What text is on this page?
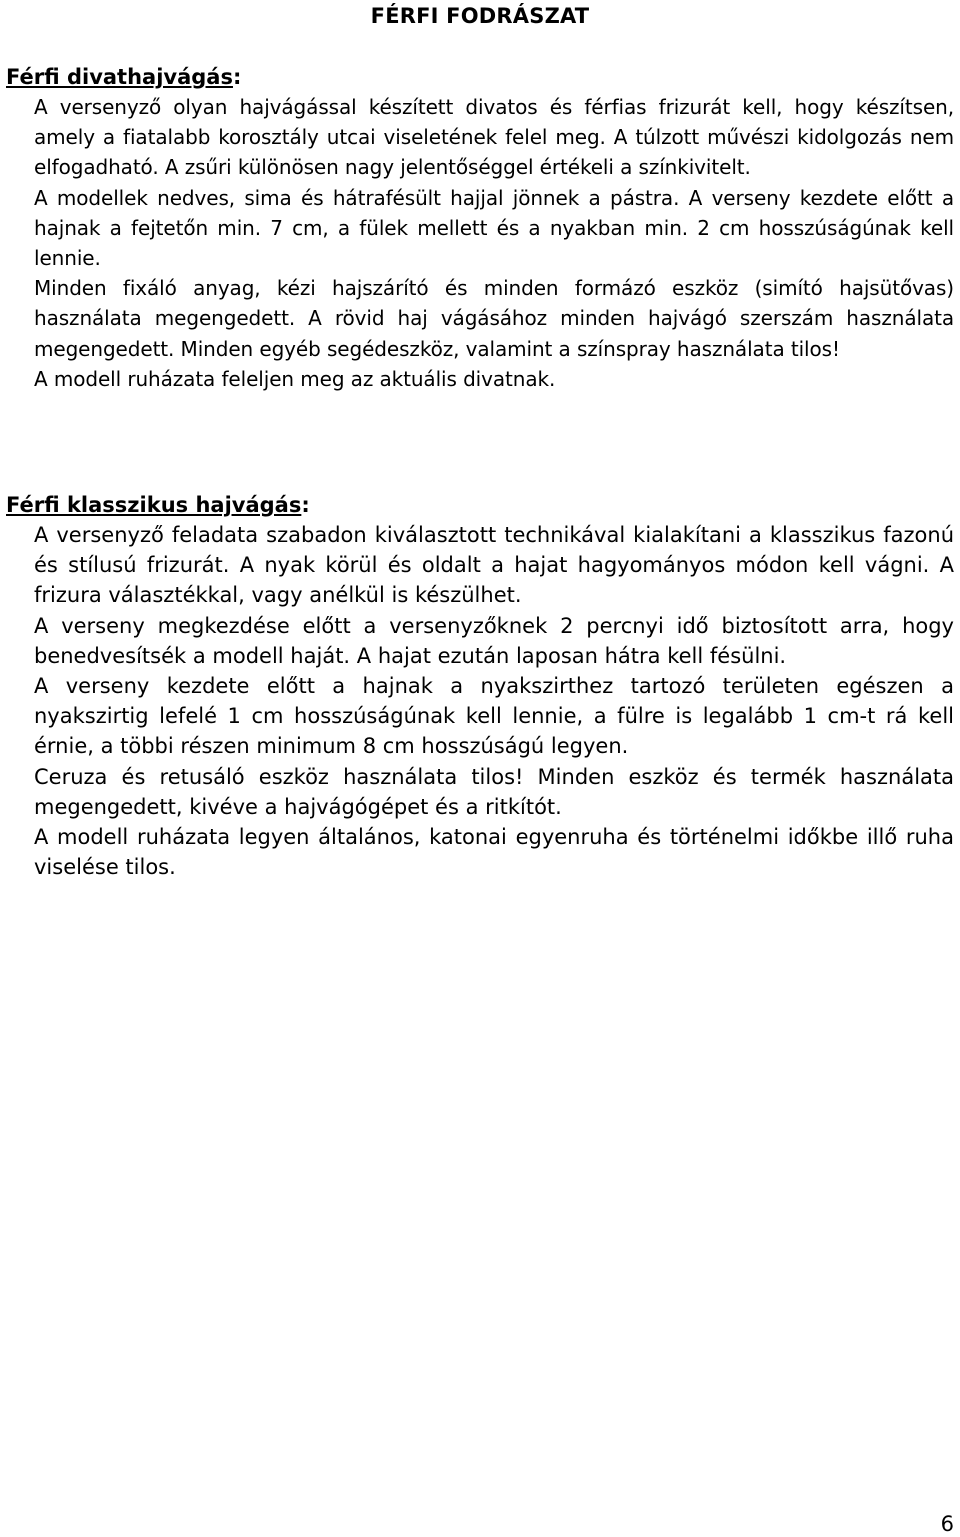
FÉRFI FODRÁSZAT

Férfi divathajvágás:

A versenyző olyan hajvágással készített divatos és férfias frizurát kell, hogy készítsen, amely a fiatalabb korosztály utcai viseletének felel meg. A túlzott művészi kidolgozás nem elfogadható. A zsűri különösen nagy jelentőséggel értékeli a színkivitelt.

A modellek nedves, sima és hátrafésült hajjal jönnek a pástra. A verseny kezdete előtt a hajnak a fejtetőn min. 7 cm, a fülek mellett és a nyakban min. 2 cm hosszúságúnak kell lennie.

Minden fixáló anyag, kézi hajszárító és minden formázó eszköz (simító hajsütővas) használata megengedett. A rövid haj vágásához minden hajvágó szerszám használata megengedett. Minden egyéb segédeszköz, valamint a színspray használata tilos!

A modell ruházata feleljen meg az aktuális divatnak.

Férfi klasszikus hajvágás:

A versenyző feladata szabadon kiválasztott technikával kialakítani a klasszikus fazonú és stílusú frizurát. A nyak körül és oldalt a hajat hagyományos módon kell vágni. A frizura választékkal, vagy anélkül is készülhet.

A verseny megkezdése előtt a versenyzőknek 2 percnyi idő biztosított arra, hogy benedvesítsék a modell haját. A hajat ezután laposan hátra kell fésülni.

A verseny kezdete előtt a hajnak a nyakszirthez tartozó területen egészen a nyakszirtig lefelé 1 cm hosszúságúnak kell lennie, a fülre is legalább 1 cm-t rá kell érnie, a többi részen minimum 8 cm hosszúságú legyen.

Ceruza és retusáló eszköz használata tilos! Minden eszköz és termék használata megengedett, kivéve a hajvágógépet és a ritkítót.

A modell ruházata legyen általános, katonai egyenruha és történelmi időkbe illő ruha viselése tilos.

6
